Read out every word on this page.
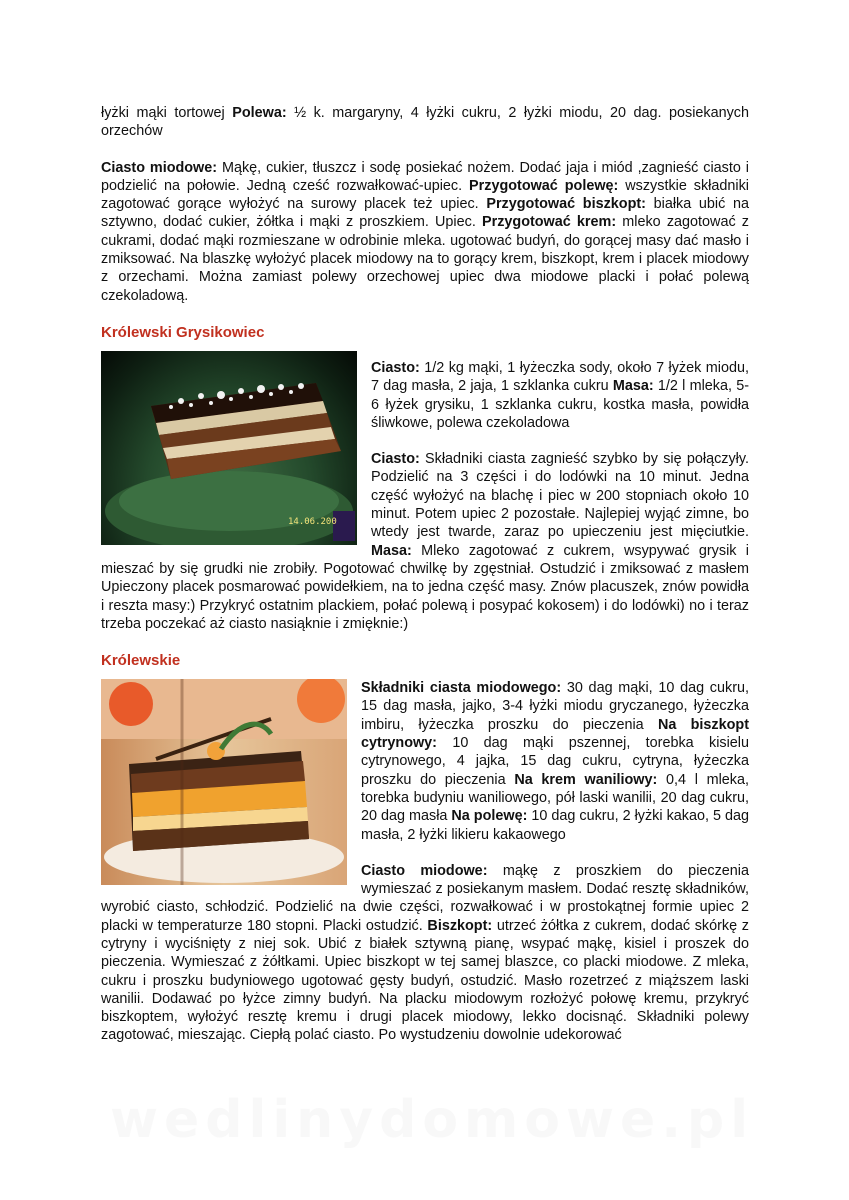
łyżki mąki tortowej Polewa: ½ k. margaryny, 4 łyżki cukru, 2 łyżki miodu, 20 dag. posiekanych orzechów

Ciasto miodowe: Mąkę, cukier, tłuszcz i sodę posiekać nożem. Dodać jaja i miód ,zagnieść ciasto i podzielić na połowie. Jedną cześć rozwałkować-upiec. Przygotować polewę: wszystkie składniki zagotować gorące wyłożyć na surowy placek też upiec. Przygotować biszkopt: białka ubić na sztywno, dodać cukier, żółtka i mąki z proszkiem. Upiec. Przygotować krem: mleko zagotować z cukrami, dodać mąki rozmieszane w odrobinie mleka. ugotować budyń, do gorącej masy dać masło i zmiksować. Na blaszkę wyłożyć placek miodowy na to gorący krem, biszkopt, krem i placek miodowy z orzechami. Można zamiast polewy orzechowej upiec dwa miodowe placki i połać polewą czekoladową.

Królewski Grysikowiec
14.06.200

Ciasto: 1/2 kg mąki, 1 łyżeczka sody, około 7 łyżek miodu, 7 dag masła, 2 jaja, 1 szklanka cukru Masa: 1/2 l mleka, 5-6 łyżek grysiku, 1 szklanka cukru, kostka masła, powidła śliwkowe, polewa czekoladowa

Ciasto: Składniki ciasta zagnieść szybko by się połączyły. Podzielić na 3 części i do lodówki na 10 minut. Jedna część wyłożyć na blachę i piec w 200 stopniach około 10 minut. Potem upiec 2 pozostałe. Najlepiej wyjąć zimne, bo wtedy jest twarde, zaraz po upieczeniu jest mięciutkie. Masa: Mleko zagotować z cukrem, wsypywać grysik i mieszać by się grudki nie zrobiły. Pogotować chwilkę by zgęstniał. Ostudzić i zmiksować z masłem Upieczony placek posmarować powidełkiem, na to jedna część masy. Znów placuszek, znów powidła i reszta masy:) Przykryć ostatnim plackiem, połać polewą i posypać kokosem) i do lodówki) no i teraz trzeba poczekać aż ciasto nasiąknie i zmięknie:)

Królewskie

Składniki ciasta miodowego: 30 dag mąki, 10 dag cukru, 15 dag masła, jajko, 3-4 łyżki miodu gryczanego, łyżeczka imbiru, łyżeczka proszku do pieczenia Na biszkopt cytrynowy: 10 dag mąki pszennej, torebka kisielu cytrynowego, 4 jajka, 15 dag cukru, cytryna, łyżeczka proszku do pieczenia Na krem waniliowy: 0,4 l mleka, torebka budyniu waniliowego, pół laski wanilii, 20 dag cukru, 20 dag masła Na polewę: 10 dag cukru, 2 łyżki kakao, 5 dag masła, 2 łyżki likieru kakaowego

Ciasto miodowe: mąkę z proszkiem do pieczenia wymieszać z posiekanym masłem. Dodać resztę składników, wyrobić ciasto, schłodzić. Podzielić na dwie części, rozwałkować i w prostokątnej formie upiec 2 placki w temperaturze 180 stopni. Placki ostudzić. Biszkopt: utrzeć żółtka z cukrem, dodać skórkę z cytryny i wyciśnięty z niej sok. Ubić z białek sztywną pianę, wsypać mąkę, kisiel i proszek do pieczenia. Wymieszać z żółtkami. Upiec biszkopt w tej samej blaszce, co placki miodowe. Z mleka, cukru i proszku budyniowego ugotować gęsty budyń, ostudzić. Masło rozetrzeć z miąższem laski wanilii. Dodawać po łyżce zimny budyń. Na placku miodowym rozłożyć połowę kremu, przykryć biszkoptem, wyłożyć resztę kremu i drugi placek miodowy, lekko docisnąć. Składniki polewy zagotować, mieszając. Ciepłą polać ciasto. Po wystudzeniu dowolnie udekorować

wedlinydomowe.pl
